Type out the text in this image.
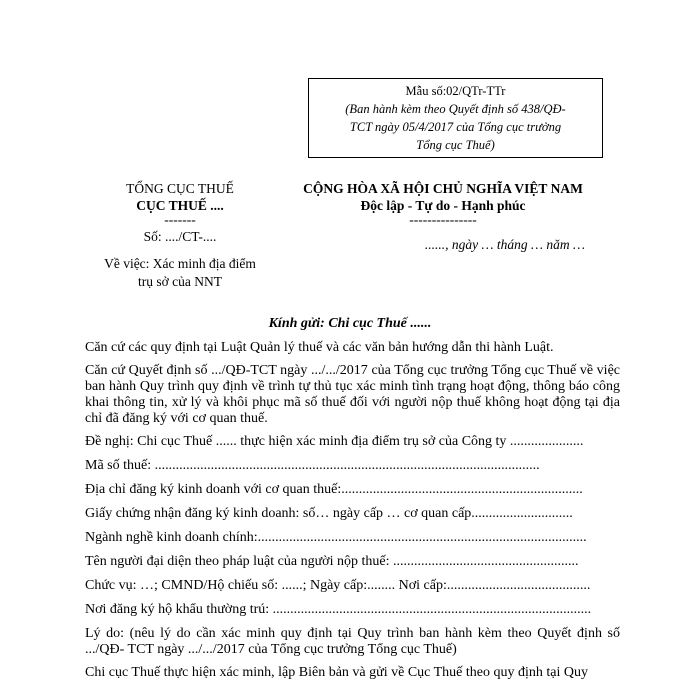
Mẫu số:02/QTr-TTr
(Ban hành kèm theo Quyết định số 438/QĐ-
TCT ngày 05/4/2017 của Tổng cục trưởng
Tổng cục Thuế)
TỔNG CỤC THUẾ
CỤC THUẾ ....
-------
Số: ..../CT-....
Về việc: Xác minh địa điểm
trụ sở của NNT
CỘNG HÒA XÃ HỘI CHỦ NGHĨA VIỆT NAM
Độc lập - Tự do - Hạnh phúc
---------------
......, ngày … tháng … năm …
Kính gửi: Chi cục Thuế ......

Căn cứ các quy định tại Luật Quản lý thuế và các văn bản hướng dẫn thi hành Luật.

Căn cứ Quyết định số .../QĐ-TCT ngày .../.../2017 của Tổng cục trưởng Tổng cục Thuế về việc ban hành Quy trình quy định về trình tự thủ tục xác minh tình trạng hoạt động, thông báo công khai thông tin, xử lý và khôi phục mã số thuế đối với người nộp thuế không hoạt động tại địa chỉ đã đăng ký với cơ quan thuế.

Đề nghị: Chi cục Thuế ...... thực hiện xác minh địa điểm trụ sở của Công ty .....................

Mã số thuế: ..............................................................................................................

Địa chỉ đăng ký kinh doanh với cơ quan thuế:.....................................................................

Giấy chứng nhận đăng ký kinh doanh: số… ngày cấp … cơ quan cấp.............................

Ngành nghề kinh doanh chính:..............................................................................................

Tên người đại diện theo pháp luật của người nộp thuế: .....................................................

Chức vụ: …; CMND/Hộ chiếu số: ......; Ngày cấp:........ Nơi cấp:.........................................

Nơi đăng ký hộ khẩu thường trú: ...........................................................................................

Lý do: (nêu lý do cần xác minh quy định tại Quy trình ban hành kèm theo Quyết định số .../QĐ- TCT ngày .../.../2017 của Tổng cục trưởng Tổng cục Thuế)

Chi cục Thuế thực hiện xác minh, lập Biên bản và gửi về Cục Thuế theo quy định tại Quy
